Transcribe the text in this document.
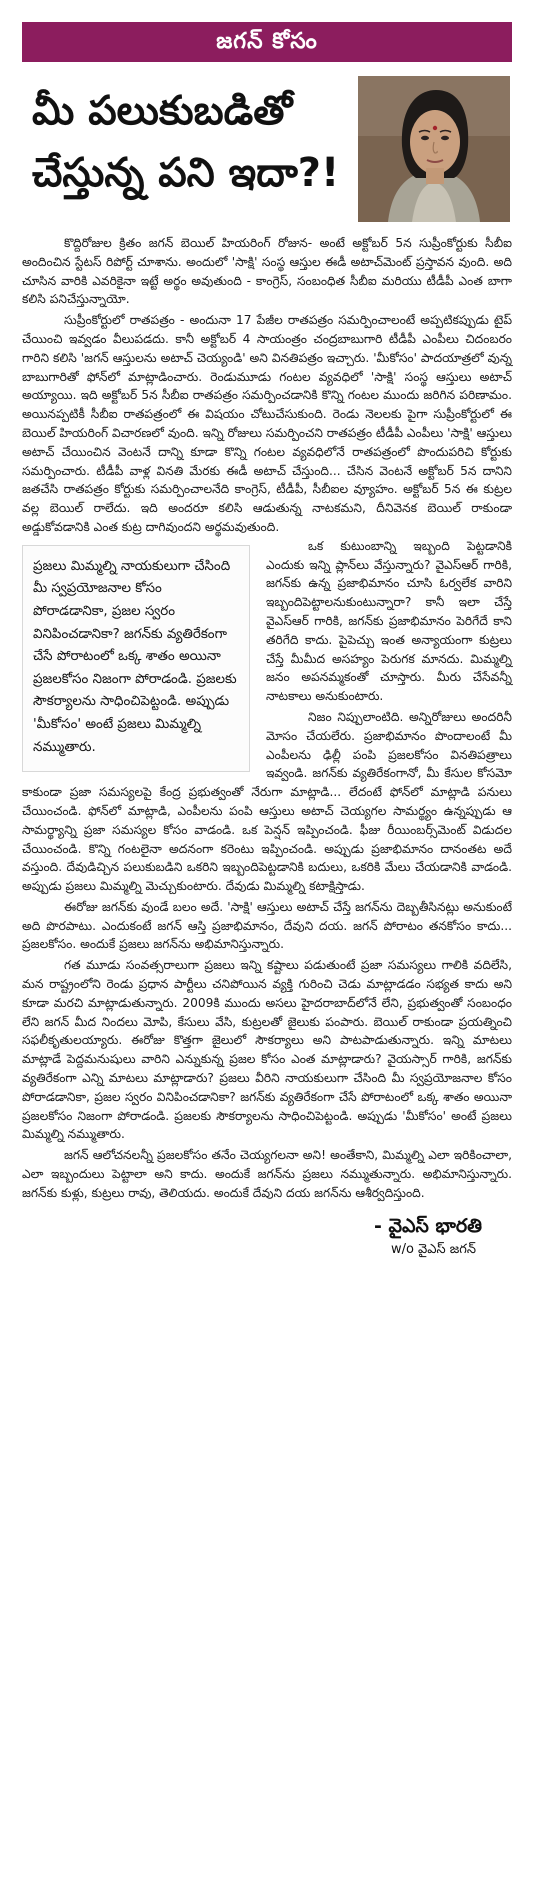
జగన్ కోసం
మీ పలుకుబడితో చేస్తున్న పని ఇదా?!

కొద్దిరోజుల క్రితం జగన్ బెయిల్ హియరింగ్ రోజున- అంటే అక్టోబర్ 5న సుప్రీంకోర్టుకు సీబీఐ అందించిన స్టేటస్ రిపోర్ట్ చూశాను. అందులో 'సాక్షి' సంస్థ ఆస్తుల ఈడీ అటాచ్‌మెంట్ ప్రస్తావన వుంది. అది చూసిన వారికి ఎవరికైనా ఇట్టే అర్థం అవుతుంది - కాంగ్రెస్, సంబంధిత సీబీఐ మరియు టీడీపీ ఎంత బాగా కలిసి పనిచేస్తున్నాయో.

సుప్రీంకోర్టులో రాతపత్రం - అందునా 17 పేజీల రాతపత్రం సమర్పించాలంటే అప్పటికప్పుడు టైప్ చేయించి ఇవ్వడం వీలుపడదు. కానీ అక్టోబర్ 4 సాయంత్రం చంద్రబాబుగారి టీడీపీ ఎంపీలు చిదంబరం గారిని కలిసి 'జగన్ ఆస్తులను అటాచ్ చెయ్యండి' అని వినతిపత్రం ఇచ్చారు. 'మీకోసం' పాదయాత్రలో వున్న బాబుగారితో ఫోన్‌లో మాట్లాడించారు. రెండుమూడు గంటల వ్యవధిలో 'సాక్షి' సంస్థ ఆస్తులు అటాచ్ అయ్యాయి. ఇది అక్టోబర్ 5న సీబీఐ రాతపత్రం సమర్పించడానికి కొన్ని గంటల ముందు జరిగిన పరిణామం. అయినప్పటికీ సీబీఐ రాతపత్రంలో ఈ విషయం చోటుచేసుకుంది. రెండు నెలలకు పైగా సుప్రీంకోర్టులో ఈ బెయిల్ హియరింగ్ విచారణలో వుంది. ఇన్ని రోజులు సమర్పించని రాతపత్రం టీడీపీ ఎంపీలు 'సాక్షి' ఆస్తులు అటాచ్ చేయించిన వెంటనే దాన్ని కూడా కొన్ని గంటల వ్యవధిలోనే రాతపత్రంలో పొందుపరిచి కోర్టుకు సమర్పించారు. టీడీపీ వాళ్ల వినతి మేరకు ఈడీ అటాచ్ చేస్తుంది... చేసిన వెంటనే అక్టోబర్ 5న దానిని జతచేసి రాతపత్రం కోర్టుకు సమర్పించాలనేది కాంగ్రెస్, టీడీపీ, సీబీఐల వ్యూహం. అక్టోబర్ 5న ఈ కుట్రల వల్ల బెయిల్ రాలేదు. ఇది అందరూ కలిసి ఆడుతున్న నాటకమని, దీనివెనక బెయిల్ రాకుండా అడ్డుకోవడానికి ఎంత కుట్ర దాగివుందని అర్థమవుతుంది.

ప్రజలు మిమ్మల్ని నాయకులుగా చేసింది మీ స్వప్రయోజనాల కోసం పోరాడడానికా, ప్రజల స్వరం వినిపించడానికా? జగన్‌కు వ్యతిరేకంగా చేసే పోరాటంలో ఒక్క శాతం అయినా ప్రజలకోసం నిజంగా పోరాడండి. ప్రజలకు సౌకర్యాలను సాధించిపెట్టండి. అప్పుడు 'మీకోసం' అంటే ప్రజలు మిమ్మల్ని నమ్ముతారు.

ఒక కుటుంబాన్ని ఇబ్బంది పెట్టడానికి ఎందుకు ఇన్ని ప్లాన్‌లు వేస్తున్నారు? వైఎస్ఆర్ గారికి, జగన్‌కు ఉన్న ప్రజాభిమానం చూసి ఓర్వలేక వారిని ఇబ్బందిపెట్టాలనుకుంటున్నారా? కానీ ఇలా చేస్తే వైఎస్ఆర్ గారికి, జగన్‌కు ప్రజాభిమానం పెరిగేదే కాని తరిగేది కాదు. పైపెచ్చు ఇంత అన్యాయంగా కుట్రలు చేస్తే మీమీద అసహ్యం పెరుగక మానదు. మిమ్మల్ని జనం అపనమ్మకంతో చూస్తారు. మీరు చేసేవన్నీ నాటకాలు అనుకుంటారు.

నిజం నిప్పులాంటిది. అన్నిరోజులు అందరినీ మోసం చేయలేరు. ప్రజాభిమానం పొందాలంటే మీ ఎంపీలను ఢిల్లీ పంపి ప్రజలకోసం వినతిపత్రాలు ఇవ్వండి. జగన్‌కు వ్యతిరేకంగానో, మీ కేసుల కోసమో కాకుండా ప్రజా సమస్యలపై కేంద్ర ప్రభుత్వంతో నేరుగా మాట్లాడి... లేదంటే ఫోన్‌లో మాట్లాడి పనులు చేయించండి. ఫోన్‌లో మాట్లాడి, ఎంపీలను పంపి ఆస్తులు అటాచ్ చెయ్యగల సామర్థ్యం ఉన్నప్పుడు ఆ సామర్థ్యాన్ని ప్రజా సమస్యల కోసం వాడండి. ఒక పెన్షన్ ఇప్పించండి. ఫీజు రీయింబర్స్‌మెంట్ విడుదల చేయించండి. కొన్ని గంటలైనా అదనంగా కరెంటు ఇప్పించండి. అప్పుడు ప్రజాభిమానం దానంతట అదే వస్తుంది. దేవుడిచ్చిన పలుకుబడిని ఒకరిని ఇబ్బందిపెట్టడానికి బదులు, ఒకరికి మేలు చేయడానికి వాడండి. అప్పుడు ప్రజలు మిమ్మల్ని మెచ్చుకుంటారు. దేవుడు మిమ్మల్ని కటాక్షిస్తాడు.

ఈరోజు జగన్‌కు వుండే బలం అదే. 'సాక్షి' ఆస్తులు అటాచ్ చేస్తే జగన్‌ను దెబ్బతీసినట్లు అనుకుంటే అది పొరపాటు. ఎందుకంటే జగన్ ఆస్తి ప్రజాభిమానం, దేవుని దయ. జగన్ పోరాటం తనకోసం కాదు... ప్రజలకోసం. అందుకే ప్రజలు జగన్‌ను అభిమానిస్తున్నారు.

గత మూడు సంవత్సరాలుగా ప్రజలు ఇన్ని కష్టాలు పడుతుంటే ప్రజా సమస్యలు గాలికి వదిలేసి, మన రాష్ట్రంలోని రెండు ప్రధాన పార్టీలు చనిపోయిన వ్యక్తి గురించి చెడు మాట్లాడడం సభ్యత కాదు అని కూడా మరచి మాట్లాడుతున్నారు. 2009కి ముందు అసలు హైదరాబాద్‌లోనే లేని, ప్రభుత్వంతో సంబంధం లేని జగన్ మీద నిందలు మోపి, కేసులు వేసి, కుట్రలతో జైలుకు పంపారు. బెయిల్ రాకుండా ప్రయత్నించి సఫలీకృతులయ్యారు. ఈరోజు కొత్తగా జైలులో సౌకర్యాలు అని పాటపాడుతున్నారు. ఇన్ని మాటలు మాట్లాడే పెద్దమనుషులు వారిని ఎన్నుకున్న ప్రజల కోసం ఎంత మాట్లాడారు? వైయస్సార్ గారికి, జగన్‌కు వ్యతిరేకంగా ఎన్ని మాటలు మాట్లాడారు? ప్రజలు వీరిని నాయకులుగా చేసింది మీ స్వప్రయోజనాల కోసం పోరాడడానికా, ప్రజల స్వరం వినిపించడానికా? జగన్‌కు వ్యతిరేకంగా చేసే పోరాటంలో ఒక్క శాతం అయినా ప్రజలకోసం నిజంగా పోరాడండి. ప్రజలకు సౌకర్యాలను సాధించిపెట్టండి. అప్పుడు 'మీకోసం' అంటే ప్రజలు మిమ్మల్ని నమ్ముతారు.

జగన్ ఆలోచనలన్నీ ప్రజలకోసం తనేం చెయ్యగలనా అని! అంతేకాని, మిమ్మల్ని ఎలా ఇరికించాలా, ఎలా ఇబ్బందులు పెట్టాలా అని కాదు. అందుకే జగన్‌ను ప్రజలు నమ్ముతున్నారు. అభిమానిస్తున్నారు. జగన్‌కు కుళ్లు, కుట్రలు రావు, తెలియదు. అందుకే దేవుని దయ జగన్‌ను ఆశీర్వదిస్తుంది.

- వైఎస్ భారతి
w/o వైఎస్ జగన్
